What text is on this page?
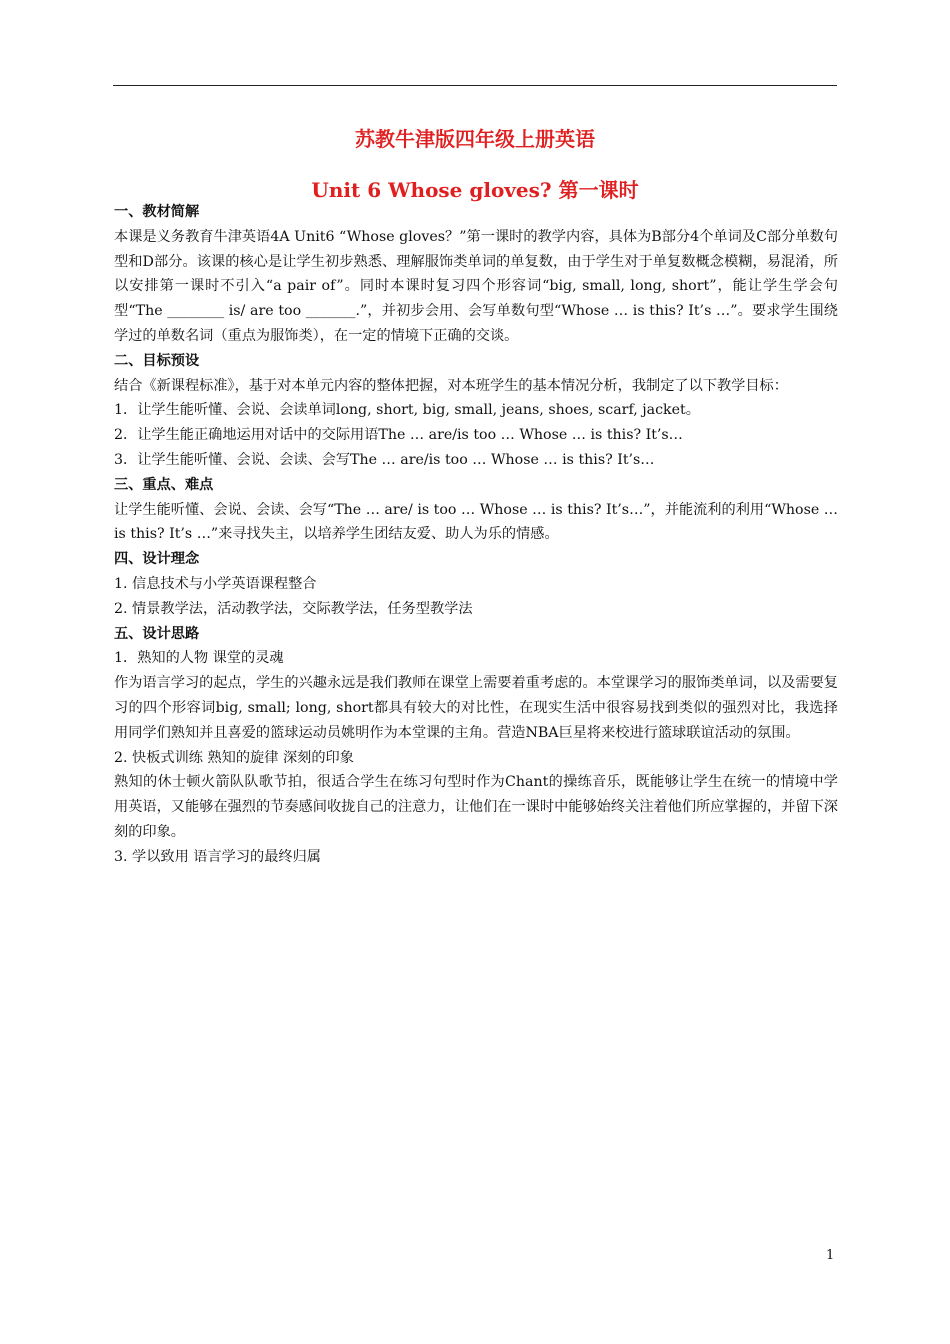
苏教牛津版四年级上册英语
Unit 6 Whose gloves? 第一课时

一、教材简解

本课是义务教育牛津英语4A Unit6 “Whose gloves？”第一课时的教学内容，具体为B部分4个单词及C部分单数句型和D部分。该课的核心是让学生初步熟悉、理解服饰类单词的单复数，由于学生对于单复数概念模糊，易混淆，所以安排第一课时不引入“a pair of”。同时本课时复习四个形容词“big, small, long, short”，能让学生学会句型“The ________ is/ are too _______.”，并初步会用、会写单数句型“Whose … is this? It’s …”。要求学生围绕学过的单数名词（重点为服饰类），在一定的情境下正确的交谈。

二、目标预设

结合《新课程标准》，基于对本单元内容的整体把握，对本班学生的基本情况分析，我制定了以下教学目标：

1．让学生能听懂、会说、会读单词long, short, big, small, jeans, shoes, scarf, jacket。

2．让学生能正确地运用对话中的交际用语The … are/is too … Whose … is this? It’s…

3．让学生能听懂、会说、会读、会写The … are/is too … Whose … is this? It’s…

三、重点、难点

让学生能听懂、会说、会读、会写“The … are/ is too … Whose … is this? It’s…”，并能流利的利用“Whose … is this? It’s …”来寻找失主，以培养学生团结友爱、助人为乐的情感。

四、设计理念

1. 信息技术与小学英语课程整合

2. 情景教学法，活动教学法，交际教学法，任务型教学法

五、设计思路

1．熟知的人物 课堂的灵魂

作为语言学习的起点，学生的兴趣永远是我们教师在课堂上需要着重考虑的。本堂课学习的服饰类单词，以及需要复习的四个形容词big, small; long, short都具有较大的对比性，在现实生活中很容易找到类似的强烈对比，我选择用同学们熟知并且喜爱的篮球运动员姚明作为本堂课的主角。营造NBA巨星将来校进行篮球联谊活动的氛围。

2. 快板式训练 熟知的旋律 深刻的印象

熟知的休士顿火箭队队歌节拍，很适合学生在练习句型时作为Chant的操练音乐，既能够让学生在统一的情境中学用英语，又能够在强烈的节奏感间收拢自己的注意力，让他们在一课时中能够始终关注着他们所应掌握的，并留下深刻的印象。

3. 学以致用 语言学习的最终归属

1
